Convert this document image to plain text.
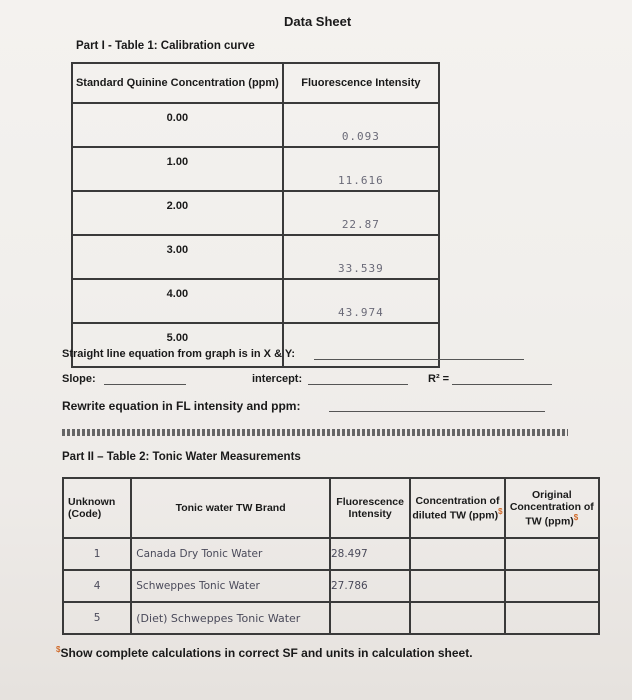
Data Sheet
Part I - Table 1: Calibration curve
Standard Quinine Concentration (ppm)	Fluorescence Intensity
0.00	0.093
1.00	11.616
2.00	22.87
3.00	33.539
4.00	43.974
5.00	
Straight line equation from graph is in X & Y:
Slope:	intercept:	R² =
Rewrite equation in FL intensity and ppm:
Part II – Table 2: Tonic Water Measurements
Unknown (Code)	Tonic water TW Brand	Fluorescence Intensity	Concentration of diluted TW (ppm)$	Original Concentration of TW (ppm)$
1	Canada Dry Tonic Water	28.497		
4	Schweppes Tonic Water	27.786		
5	(Diet) Schweppes Tonic Water			
$Show complete calculations in correct SF and units in calculation sheet.
